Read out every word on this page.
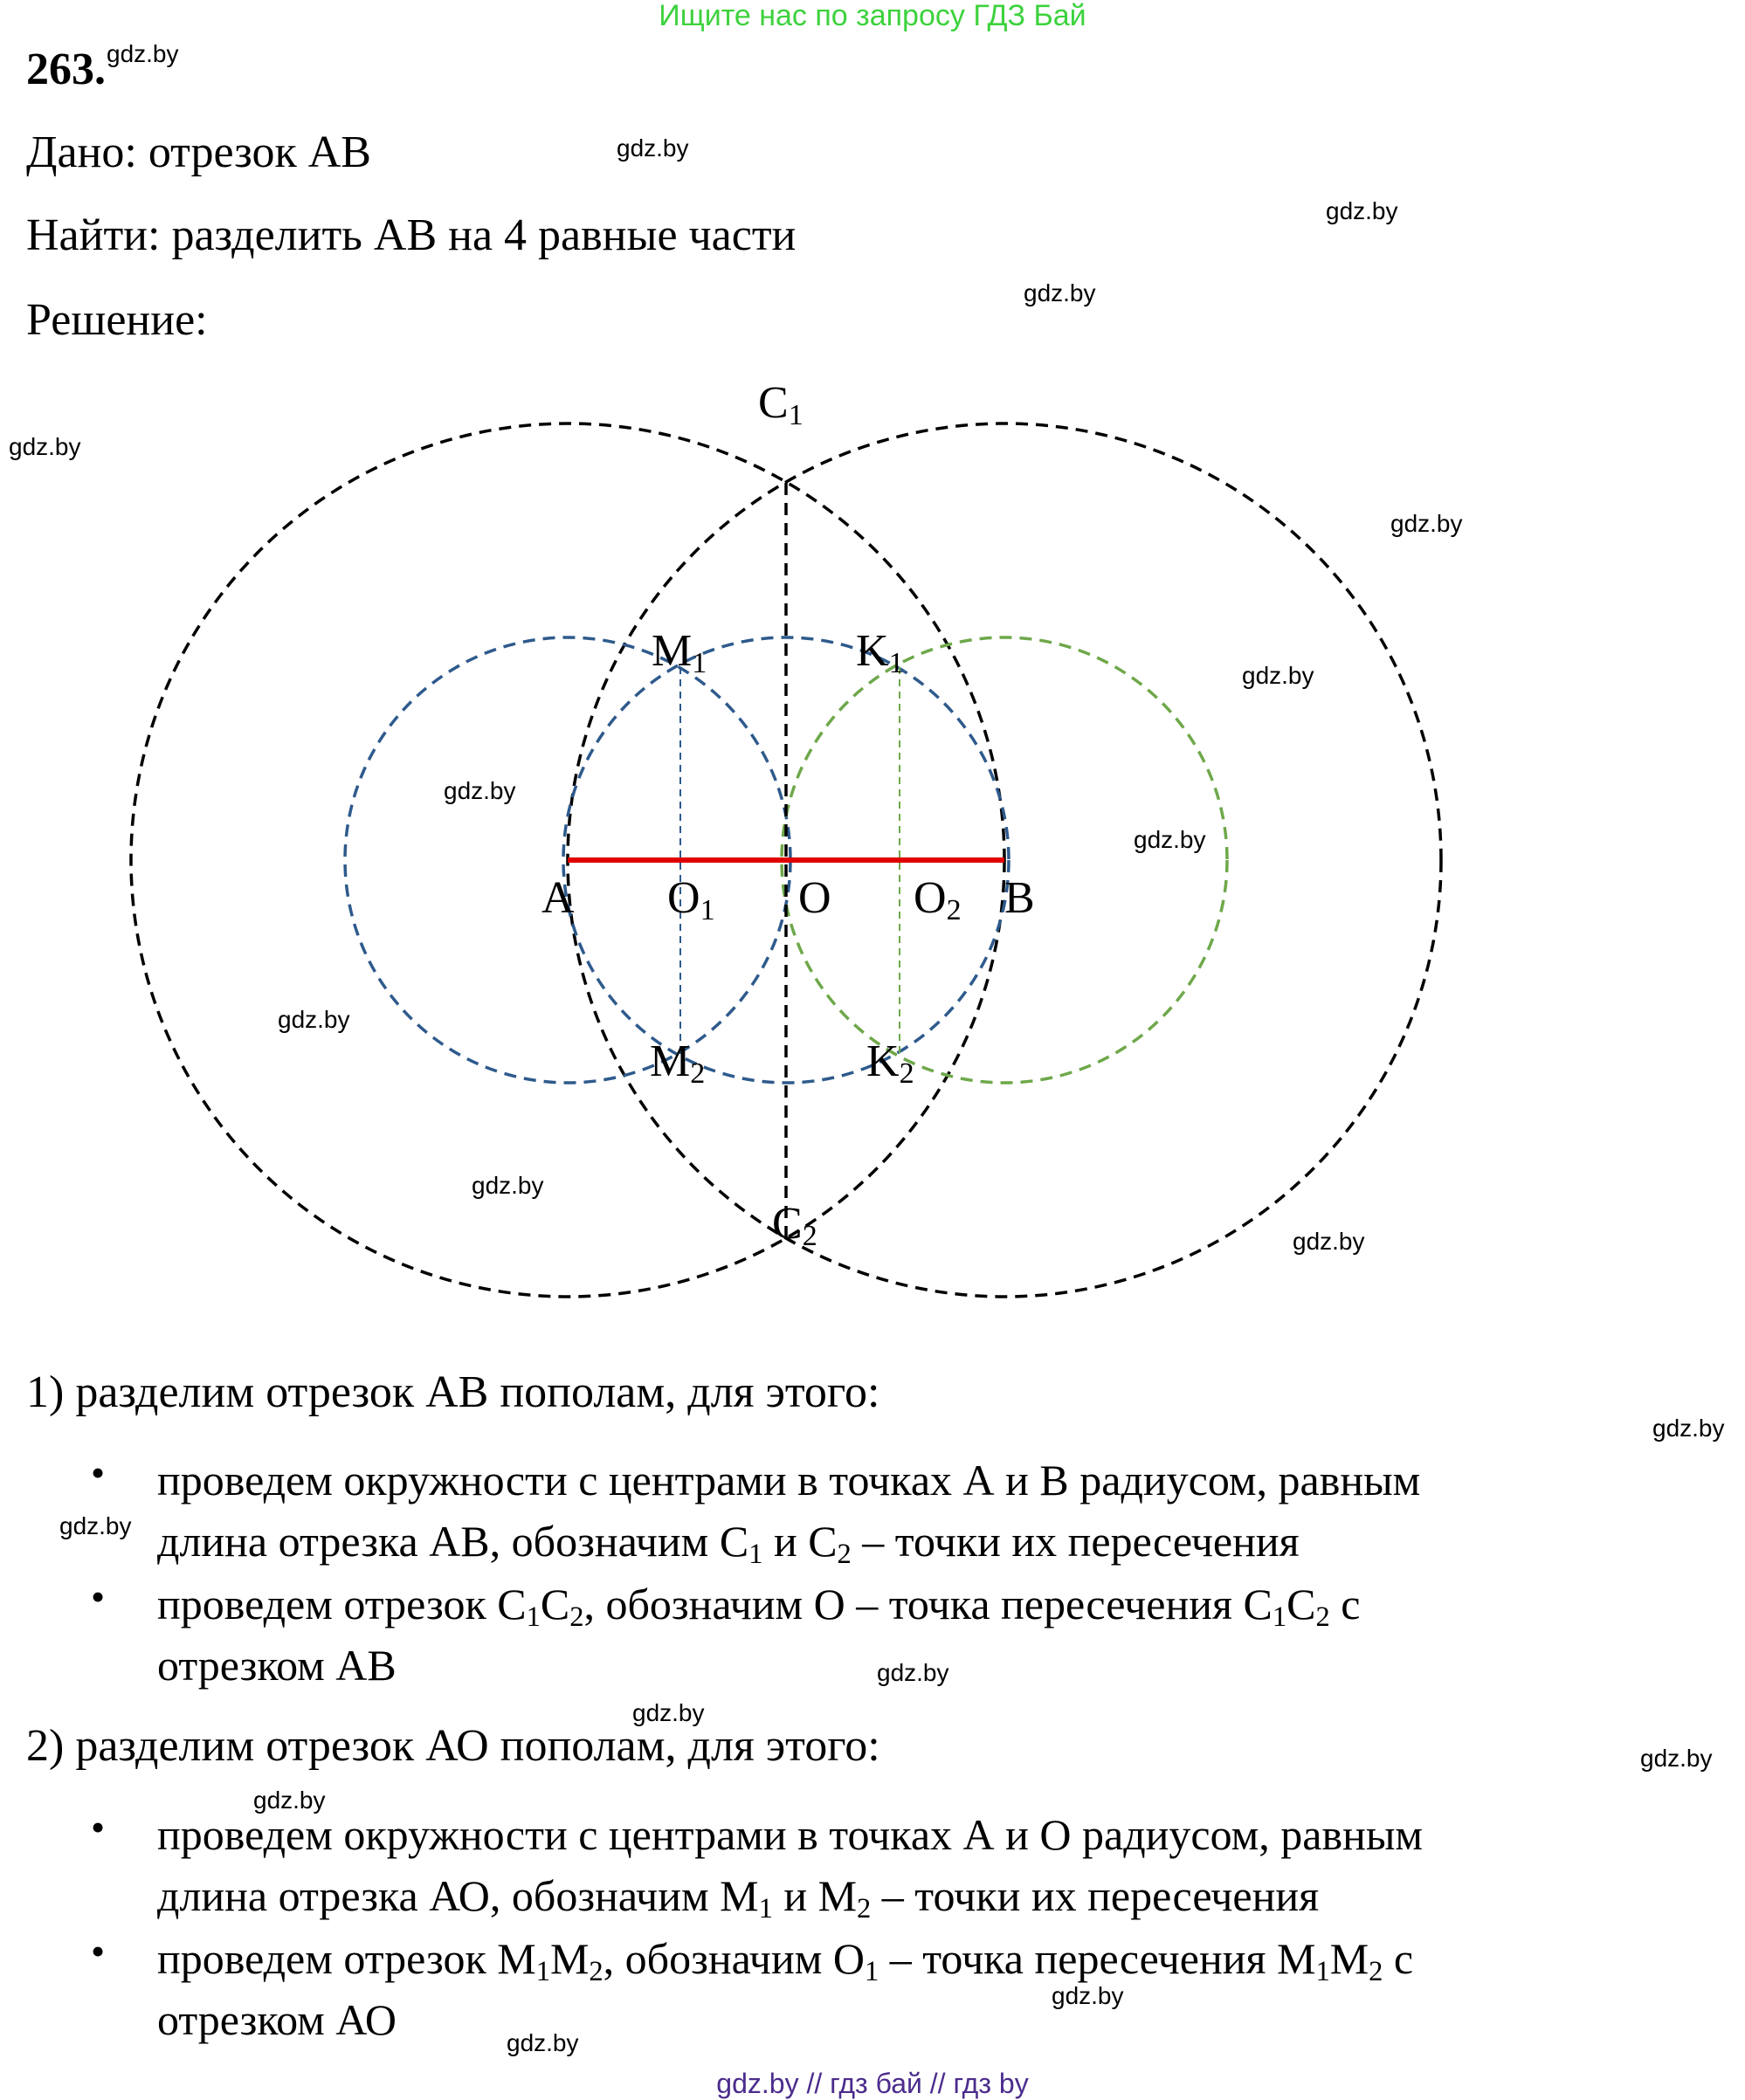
Ищите нас по запросу ГДЗ Бай
263.
Дано: отрезок АВ
Найти: разделить АВ на 4 равные части
Решение:
C1
M1	K1
A O1 O O2 B
M2	K2
C2
1) разделим отрезок АВ пополам, для этого:
• проведем окружности с центрами в точках А и В радиусом, равным
длина отрезка АВ, обозначим $С_1$ и $С_2$ – точки их пересечения
• проведем отрезок $С_1С_2$, обозначим О – точка пересечения $С_1С_2$ с
отрезком АВ
2) разделим отрезок АО пополам, для этого:
• проведем окружности с центрами в точках А и О радиусом, равным
длина отрезка АО, обозначим $М_1$ и $М_2$ – точки их пересечения
• проведем отрезок $М_1М_2$, обозначим $О_1$ – точка пересечения $М_1М_2$ с
отрезком АО
gdz.by
gdz.by
gdz.by
gdz.by
gdz.by
gdz.by
gdz.by
gdz.by
gdz.by
gdz.by
gdz.by
gdz.by
gdz.by
gdz.by
gdz.by
gdz.by
gdz.by
gdz.by
gdz.by
gdz.by
gdz.by // гдз бай // гдз by
